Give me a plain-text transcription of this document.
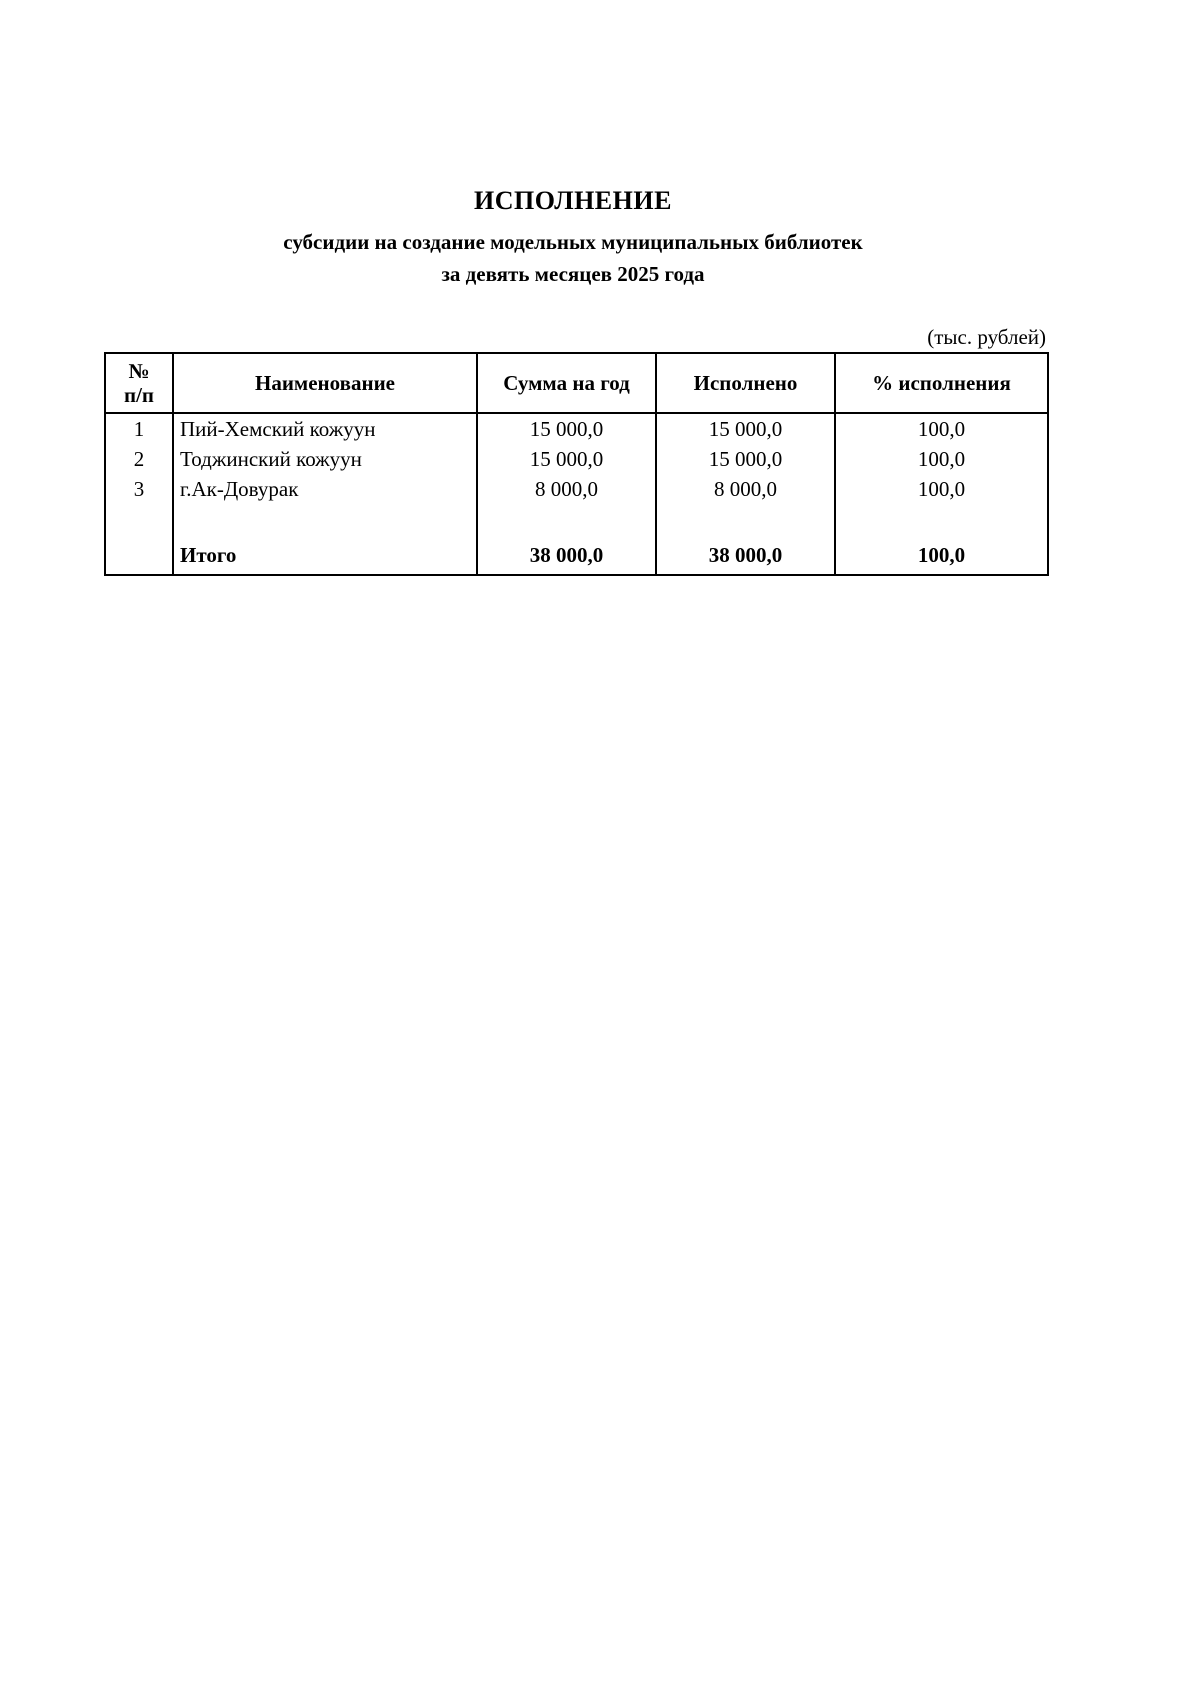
ИСПОЛНЕНИЕ
субсидии на создание модельных муниципальных библиотек
за девять месяцев 2025 года
(тыс. рублей)
№
п/п	Наименование	Сумма на год	Исполнено	% исполнения
1	Пий-Хемский кожуун	15 000,0	15 000,0	100,0
2	Тоджинский кожуун	15 000,0	15 000,0	100,0
3	г.Ак-Довурак	8 000,0	8 000,0	100,0

	Итого	38 000,0	38 000,0	100,0
